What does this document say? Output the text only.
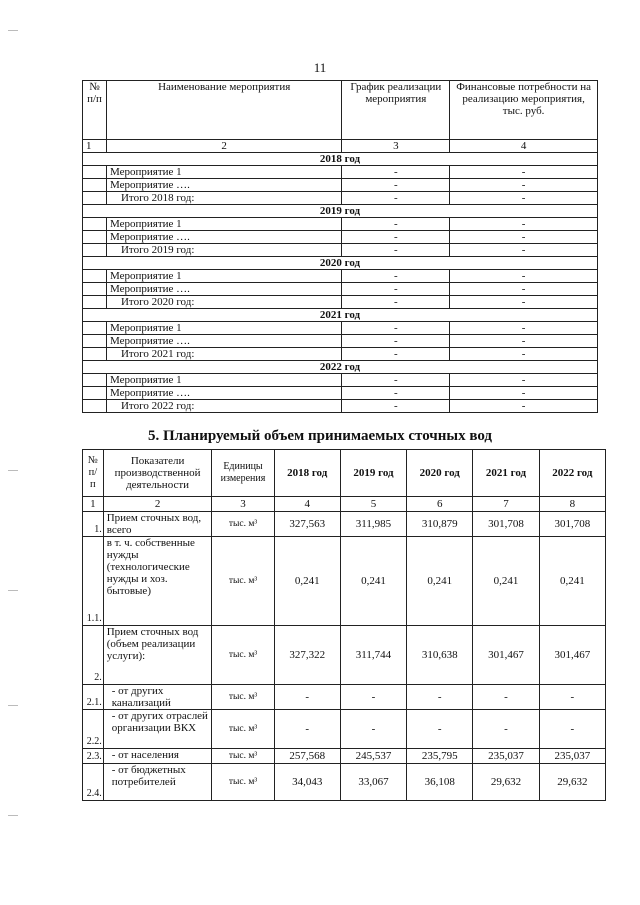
11
№ п/п	Наименование мероприятия	График реализации мероприятия	Финансовые потребности на реализацию мероприятия, тыс. руб.
1	2	3	4
2018 год			
	Мероприятие 1	-	-
	Мероприятие ….	-	-
	Итого 2018 год:	-	-
2019 год			
	Мероприятие 1	-	-
	Мероприятие ….	-	-
	Итого 2019 год:	-	-
2020 год			
	Мероприятие 1	-	-
	Мероприятие ….	-	-
	Итого 2020 год:	-	-
2021 год			
	Мероприятие 1	-	-
	Мероприятие ….	-	-
	Итого 2021 год:	-	-
2022 год			
	Мероприятие 1	-	-
	Мероприятие ….	-	-
	Итого 2022 год:	-	-
5. Планируемый объем принимаемых сточных вод
№ п/ п	Показатели производственной деятельности	Единицы измерения	2018 год	2019 год	2020 год	2021 год	2022 год
1	2	3	4	5	6	7	8
1.	Прием сточных вод, всего	тыс. м³	327,563	311,985	310,879	301,708	301,708
1.1.	в т. ч. собственные нужды (технологические нужды и хоз. бытовые)	тыс. м³	0,241	0,241	0,241	0,241	0,241
2.	Прием сточных вод (объем реализации услуги):	тыс. м³	327,322	311,744	310,638	301,467	301,467
2.1.	- от других канализаций	тыс. м³	-	-	-	-	-
2.2.	- от других отраслей организации ВКХ	тыс. м³	-	-	-	-	-
2.3.	- от населения	тыс. м³	257,568	245,537	235,795	235,037	235,037
2.4.	- от бюджетных потребителей	тыс. м³	34,043	33,067	36,108	29,632	29,632
